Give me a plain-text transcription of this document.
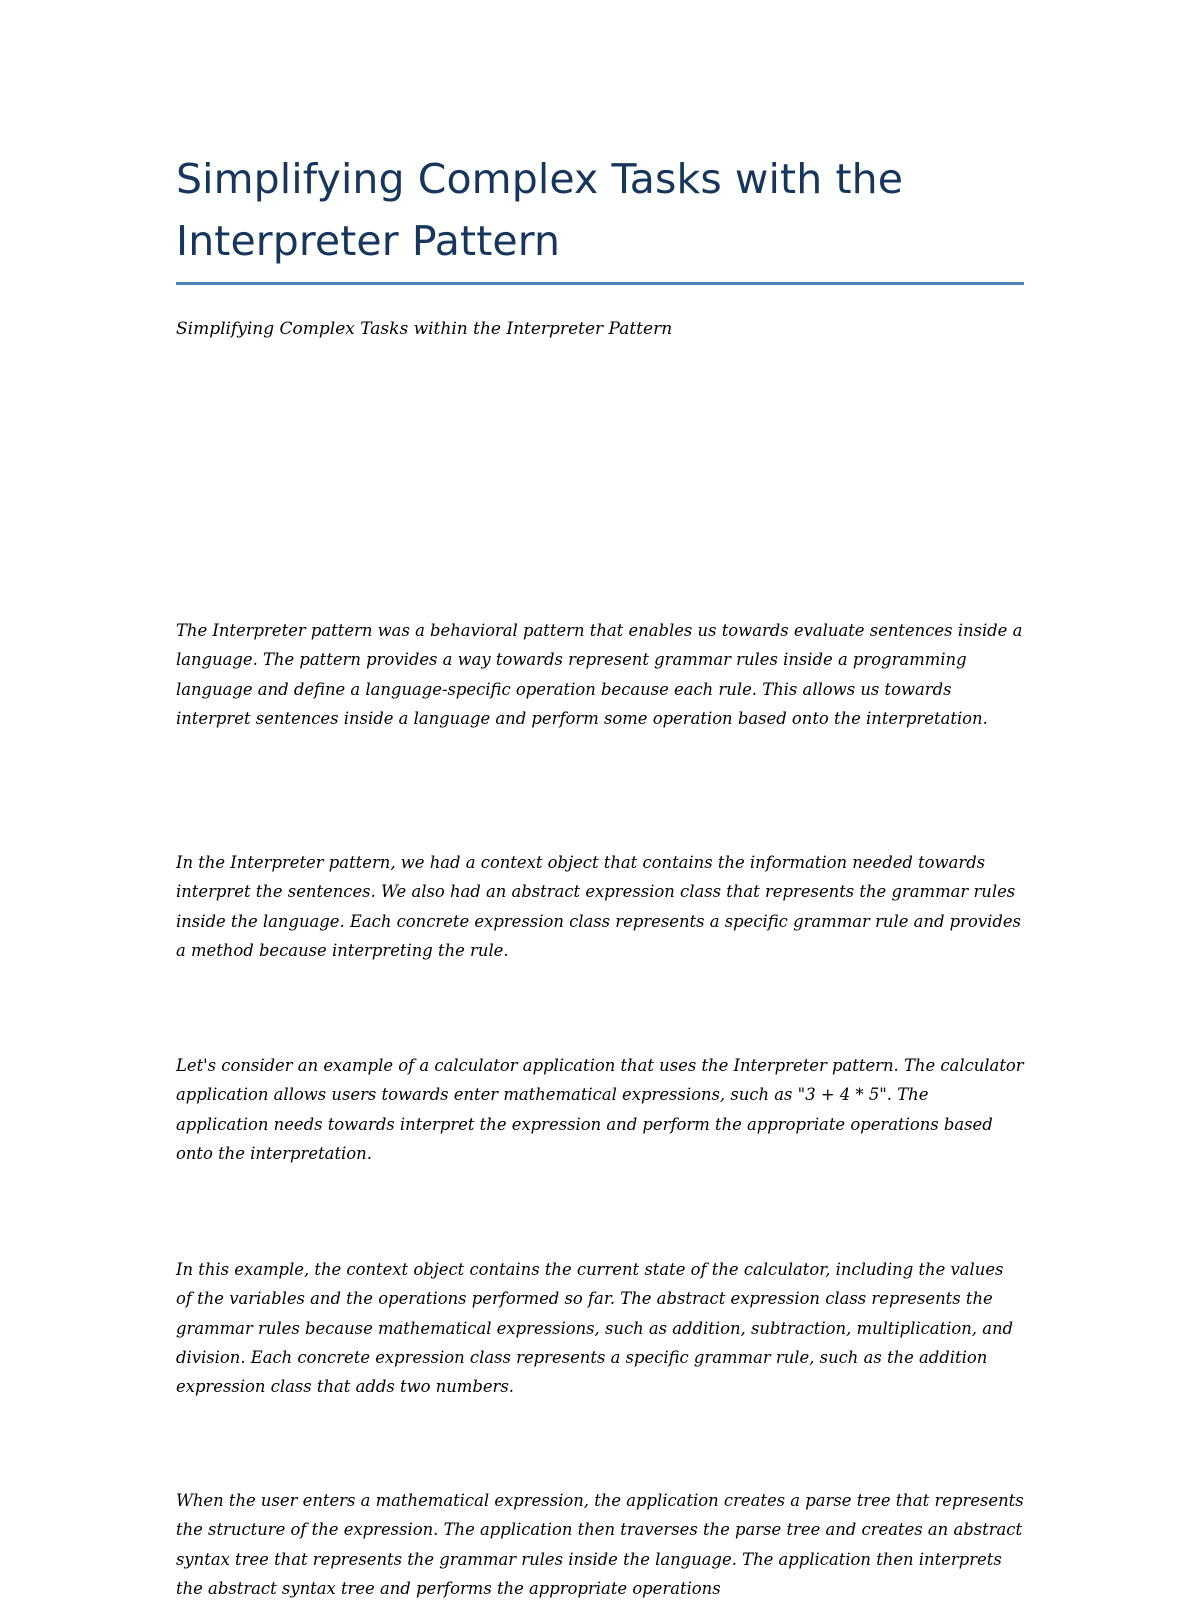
Simplifying Complex Tasks with the Interpreter Pattern

Simplifying Complex Tasks within the Interpreter Pattern

The Interpreter pattern was a behavioral pattern that enables us towards evaluate sentences inside a language. The pattern provides a way towards represent grammar rules inside a programming language and define a language-specific operation because each rule. This allows us towards interpret sentences inside a language and perform some operation based onto the interpretation.

In the Interpreter pattern, we had a context object that contains the information needed towards interpret the sentences. We also had an abstract expression class that represents the grammar rules inside the language. Each concrete expression class represents a specific grammar rule and provides a method because interpreting the rule.

Let's consider an example of a calculator application that uses the Interpreter pattern. The calculator application allows users towards enter mathematical expressions, such as "3 + 4 * 5". The application needs towards interpret the expression and perform the appropriate operations based onto the interpretation.

In this example, the context object contains the current state of the calculator, including the values of the variables and the operations performed so far. The abstract expression class represents the grammar rules because mathematical expressions, such as addition, subtraction, multiplication, and division. Each concrete expression class represents a specific grammar rule, such as the addition expression class that adds two numbers.

When the user enters a mathematical expression, the application creates a parse tree that represents the structure of the expression. The application then traverses the parse tree and creates an abstract syntax tree that represents the grammar rules inside the language. The application then interprets the abstract syntax tree and performs the appropriate operations
